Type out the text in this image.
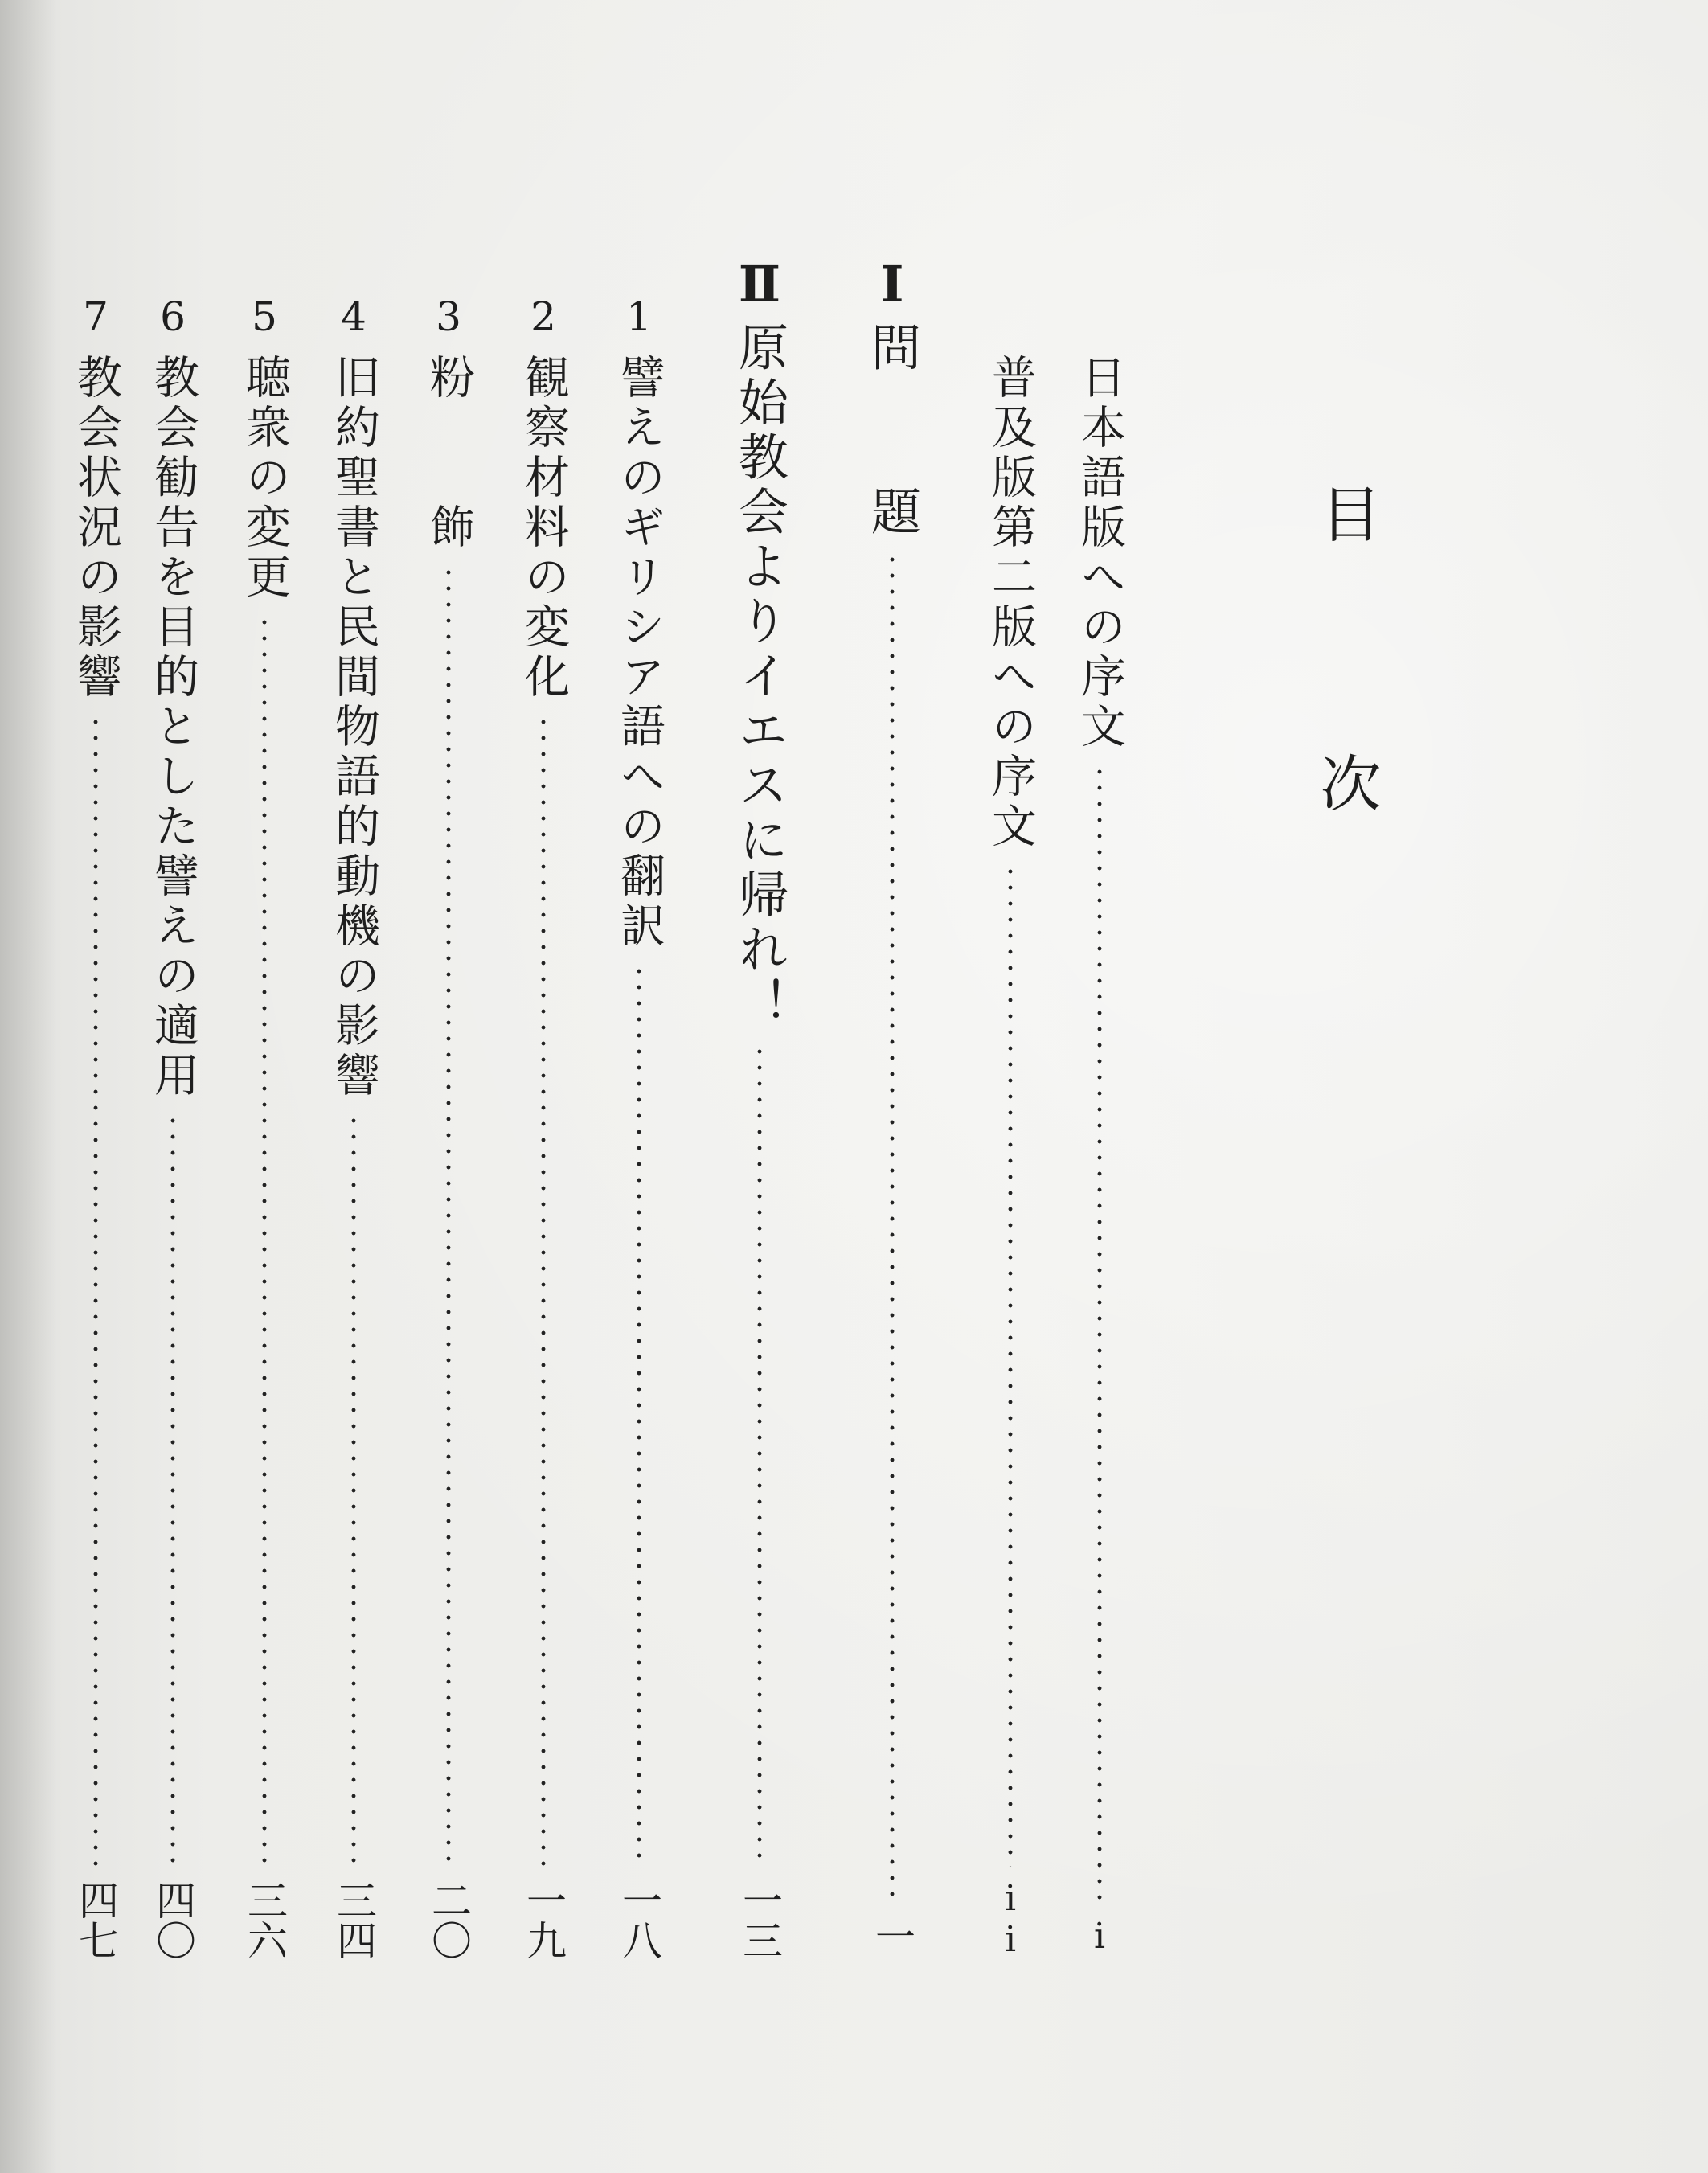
目
次
日本語版への序文
i
普及版第二版への序文
ii
Ⅰ
問　　題
一
Ⅱ
原始教会よりイエスに帰れ！
一三
1
譬えのギリシア語への翻訳
一八
2
観察材料の変化
一九
3
粉　　飾
二〇
4
旧約聖書と民間物語的動機の影響
三四
5
聴衆の変更
三六
6
教会勧告を目的とした譬えの適用
四〇
7
教会状況の影響
四七
